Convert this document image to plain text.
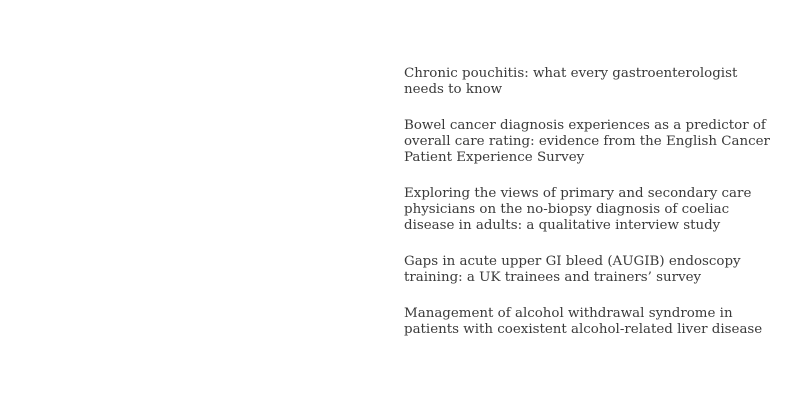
Chronic pouchitis: what every gastroenterologist needs to know
Bowel cancer diagnosis experiences as a predictor of overall care rating: evidence from the English Cancer Patient Experience Survey
Exploring the views of primary and secondary care physicians on the no-biopsy diagnosis of coeliac disease in adults: a qualitative interview study
Gaps in acute upper GI bleed (AUGIB) endoscopy training: a UK trainees and trainers’ survey
Management of alcohol withdrawal syndrome in patients with coexistent alcohol-related liver disease
